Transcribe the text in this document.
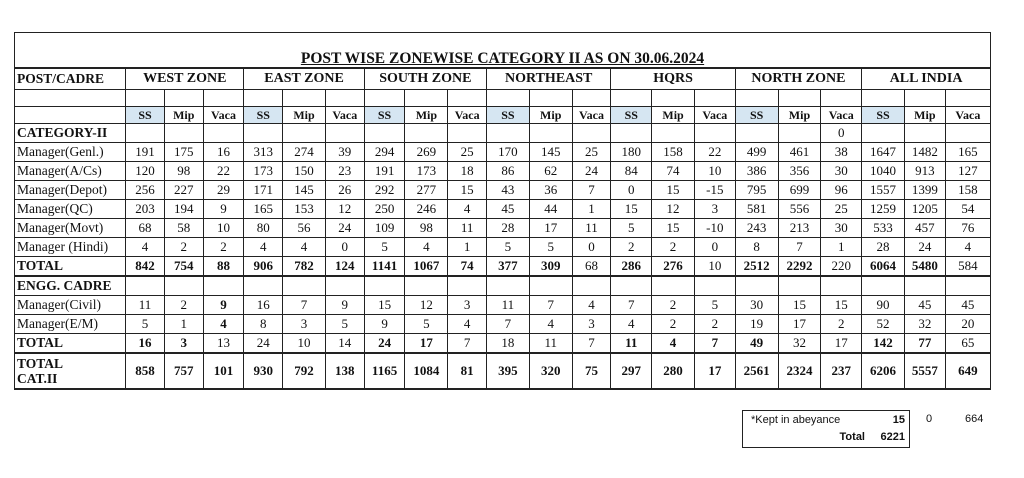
POST WISE ZONEWISE CATEGORY II AS ON 30.06.2024																					
POST/CADRE	WEST ZONE			EAST ZONE			SOUTH ZONE			NORTHEAST			HQRS			NORTH ZONE			ALL INDIA		

	SS	Mip	Vaca	SS	Mip	Vaca	SS	Mip	Vaca	SS	Mip	Vaca	SS	Mip	Vaca	SS	Mip	Vaca	SS	Mip	Vaca
CATEGORY-II																		0			
Manager(Genl.)	191	175	16	313	274	39	294	269	25	170	145	25	180	158	22	499	461	38	1647	1482	165
Manager(A/Cs)	120	98	22	173	150	23	191	173	18	86	62	24	84	74	10	386	356	30	1040	913	127
Manager(Depot)	256	227	29	171	145	26	292	277	15	43	36	7	0	15	-15	795	699	96	1557	1399	158
Manager(QC)	203	194	9	165	153	12	250	246	4	45	44	1	15	12	3	581	556	25	1259	1205	54
Manager(Movt)	68	58	10	80	56	24	109	98	11	28	17	11	5	15	-10	243	213	30	533	457	76
Manager (Hindi)	4	2	2	4	4	0	5	4	1	5	5	0	2	2	0	8	7	1	28	24	4
TOTAL	842	754	88	906	782	124	1141	1067	74	377	309	68	286	276	10	2512	2292	220	6064	5480	584
ENGG. CADRE																					
Manager(Civil)	11	2	9	16	7	9	15	12	3	11	7	4	7	2	5	30	15	15	90	45	45
Manager(E/M)	5	1	4	8	3	5	9	5	4	7	4	3	4	2	2	19	17	2	52	32	20
TOTAL	16	3	13	24	10	14	24	17	7	18	11	7	11	4	7	49	32	17	142	77	65
TOTAL
CAT.II	858	757	101	930	792	138	1165	1084	81	395	320	75	297	280	17	2561	2324	237	6206	5557	649
*Kept in abeyance	15
Total 6221
0	664
